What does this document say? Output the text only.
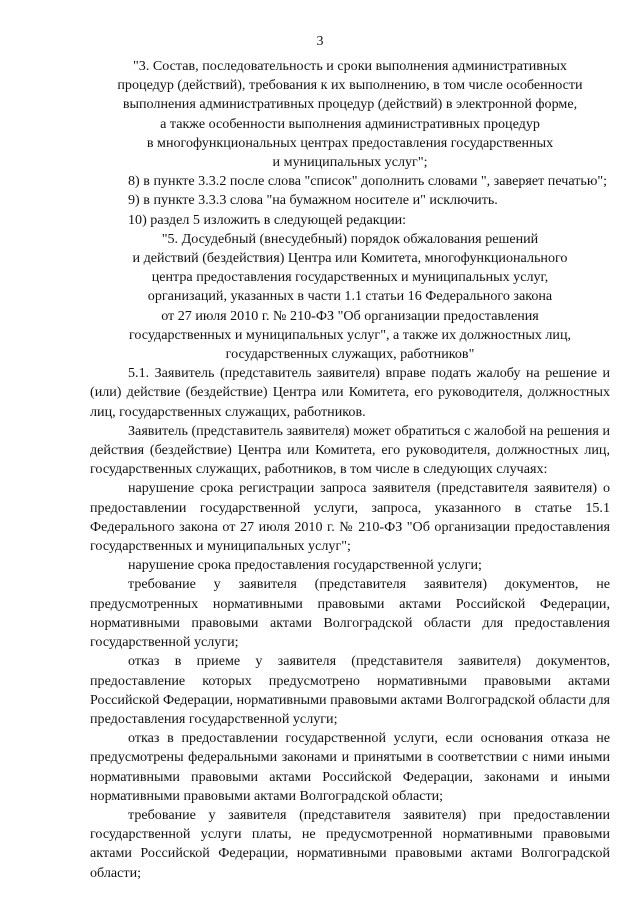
3

"3. Состав, последовательность и сроки выполнения административных

процедур (действий), требования к их выполнению, в том числе особенности

выполнения административных процедур (действий) в электронной форме,

а также особенности выполнения административных процедур

в многофункциональных центрах предоставления государственных

и муниципальных услуг";

8) в пункте 3.3.2 после слова "список" дополнить словами ", заверяет печатью";

9) в пункте 3.3.3 слова "на бумажном носителе и" исключить.

10) раздел 5 изложить в следующей редакции:

"5. Досудебный (внесудебный) порядок обжалования решений

и действий (бездействия) Центра или Комитета, многофункционального

центра предоставления государственных и муниципальных услуг,

организаций, указанных в части 1.1 статьи 16 Федерального закона

от 27 июля 2010 г. № 210-ФЗ "Об организации предоставления

государственных и муниципальных услуг", а также их должностных лиц,

государственных служащих, работников"

5.1. Заявитель (представитель заявителя) вправе подать жалобу на решение и (или) действие (бездействие) Центра или Комитета, его руководителя, должностных лиц, государственных служащих, работников.

Заявитель (представитель заявителя) может обратиться с жалобой на решения и действия (бездействие) Центра или Комитета, его руководителя, должностных лиц, государственных служащих, работников, в том числе в следующих случаях:

нарушение срока регистрации запроса заявителя (представителя заявителя) о предоставлении государственной услуги, запроса, указанного в статье 15.1 Федерального закона от 27 июля 2010 г. № 210-ФЗ "Об организации предоставления государственных и муниципальных услуг";

нарушение срока предоставления государственной услуги;

требование у заявителя (представителя заявителя) документов, не предусмотренных нормативными правовыми актами Российской Федерации, нормативными правовыми актами Волгоградской области для предоставления государственной услуги;

отказ в приеме у заявителя (представителя заявителя) документов, предоставление которых предусмотрено нормативными правовыми актами Российской Федерации, нормативными правовыми актами Волгоградской области для предоставления государственной услуги;

отказ в предоставлении государственной услуги, если основания отказа не предусмотрены федеральными законами и принятыми в соответствии с ними иными нормативными правовыми актами Российской Федерации, законами и иными нормативными правовыми актами Волгоградской области;

требование у заявителя (представителя заявителя) при предоставлении государственной услуги платы, не предусмотренной нормативными правовыми актами Российской Федерации, нормативными правовыми актами Волгоградской области;
